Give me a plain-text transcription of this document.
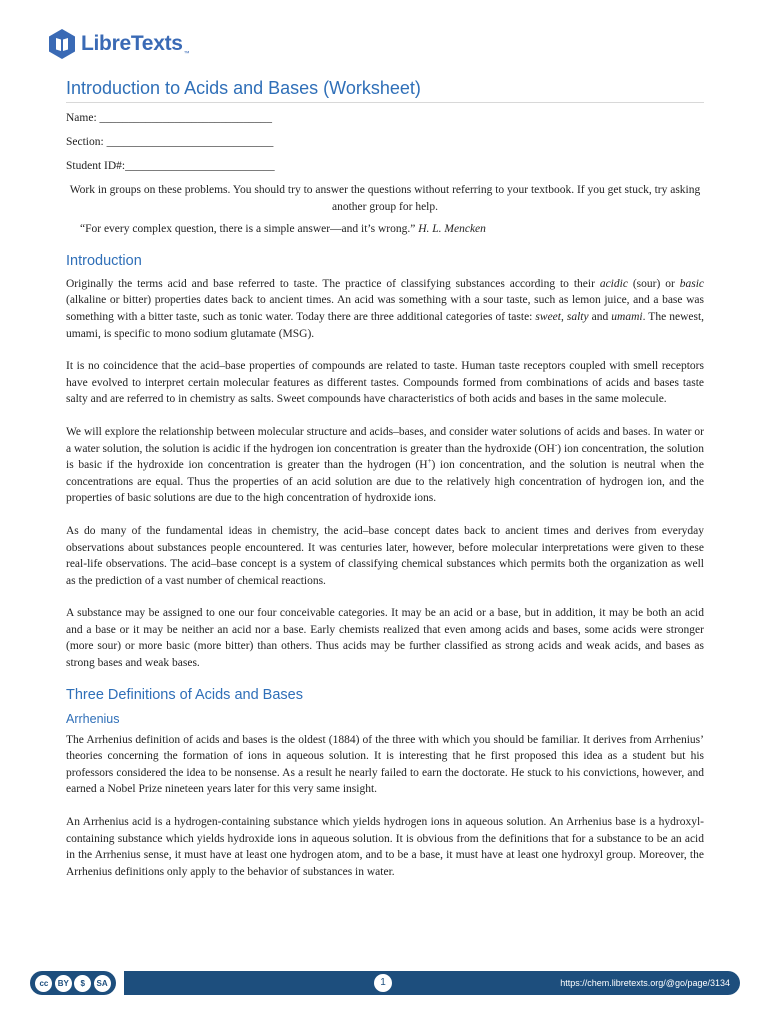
LibreTexts ™
Introduction to Acids and Bases (Worksheet)

Name: ______________________________

Section: _____________________________

Student ID#:__________________________

Work in groups on these problems. You should try to answer the questions without referring to your textbook. If you get stuck, try asking another group for help.

“For every complex question, there is a simple answer—and it’s wrong.” H. L. Mencken

Introduction

Originally the terms acid and base referred to taste. The practice of classifying substances according to their acidic (sour) or basic (alkaline or bitter) properties dates back to ancient times. An acid was something with a sour taste, such as lemon juice, and a base was something with a bitter taste, such as tonic water. Today there are three additional categories of taste: sweet, salty and umami. The newest, umami, is specific to mono sodium glutamate (MSG).

It is no coincidence that the acid–base properties of compounds are related to taste. Human taste receptors coupled with smell receptors have evolved to interpret certain molecular features as different tastes. Compounds formed from combinations of acids and bases taste salty and are referred to in chemistry as salts. Sweet compounds have characteristics of both acids and bases in the same molecule.

We will explore the relationship between molecular structure and acids–bases, and consider water solutions of acids and bases. In water or a water solution, the solution is acidic if the hydrogen ion concentration is greater than the hydroxide (OH-) ion concentration, the solution is basic if the hydroxide ion concentration is greater than the hydrogen (H+) ion concentration, and the solution is neutral when the concentrations are equal. Thus the properties of an acid solution are due to the relatively high concentration of hydrogen ion, and the properties of basic solutions are due to the high concentration of hydroxide ions.

As do many of the fundamental ideas in chemistry, the acid–base concept dates back to ancient times and derives from everyday observations about substances people encountered. It was centuries later, however, before molecular interpretations were given to these real-life observations. The acid–base concept is a system of classifying chemical substances which permits both the organization as well as the prediction of a vast number of chemical reactions.

A substance may be assigned to one our four conceivable categories. It may be an acid or a base, but in addition, it may be both an acid and a base or it may be neither an acid nor a base. Early chemists realized that even among acids and bases, some acids were stronger (more sour) or more basic (more bitter) than others. Thus acids may be further classified as strong acids and weak acids, and bases as strong bases and weak bases.

Three Definitions of Acids and Bases
Arrhenius

The Arrhenius definition of acids and bases is the oldest (1884) of the three with which you should be familiar. It derives from Arrhenius’ theories concerning the formation of ions in aqueous solution. It is interesting that he first proposed this idea as a student but his professors considered the idea to be nonsense. As a result he nearly failed to earn the doctorate. He stuck to his convictions, however, and earned a Nobel Prize nineteen years later for this very same insight.

An Arrhenius acid is a hydrogen-containing substance which yields hydrogen ions in aqueous solution. An Arrhenius base is a hydroxyl-containing substance which yields hydroxide ions in aqueous solution. It is obvious from the definitions that for a substance to be an acid in the Arrhenius sense, it must have at least one hydrogen atom, and to be a base, it must have at least one hydroxyl group. Moreover, the Arrhenius definitions only apply to the behavior of substances in water.

cc	BY	$	SA	1	https://chem.libretexts.org/@go/page/3134
